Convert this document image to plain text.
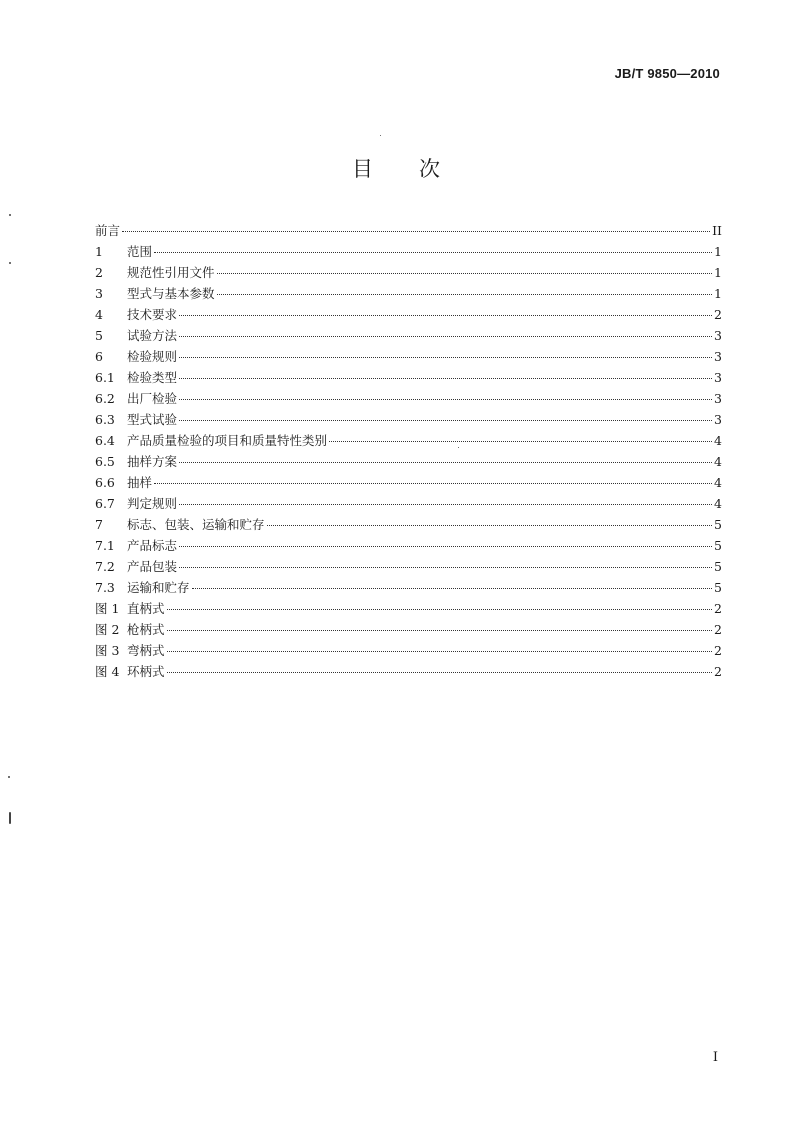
JB/T 9850—2010
目次
前言	II
1	范围	1
2	规范性引用文件	1
3	型式与基本参数	1
4	技术要求	2
5	试验方法	3
6	检验规则	3
6.1 检验类型	3
6.2 出厂检验	3
6.3 型式试验	3
6.4 产品质量检验的项目和质量特性类别	4
6.5 抽样方案	4
6.6 抽样	4
6.7 判定规则	4
7	标志、包装、运输和贮存	5
7.1 产品标志	5
7.2 产品包装	5
7.3 运输和贮存	5
图 1 直柄式	2
图 2 枪柄式	2
图 3 弯柄式	2
图 4 环柄式	2
I
